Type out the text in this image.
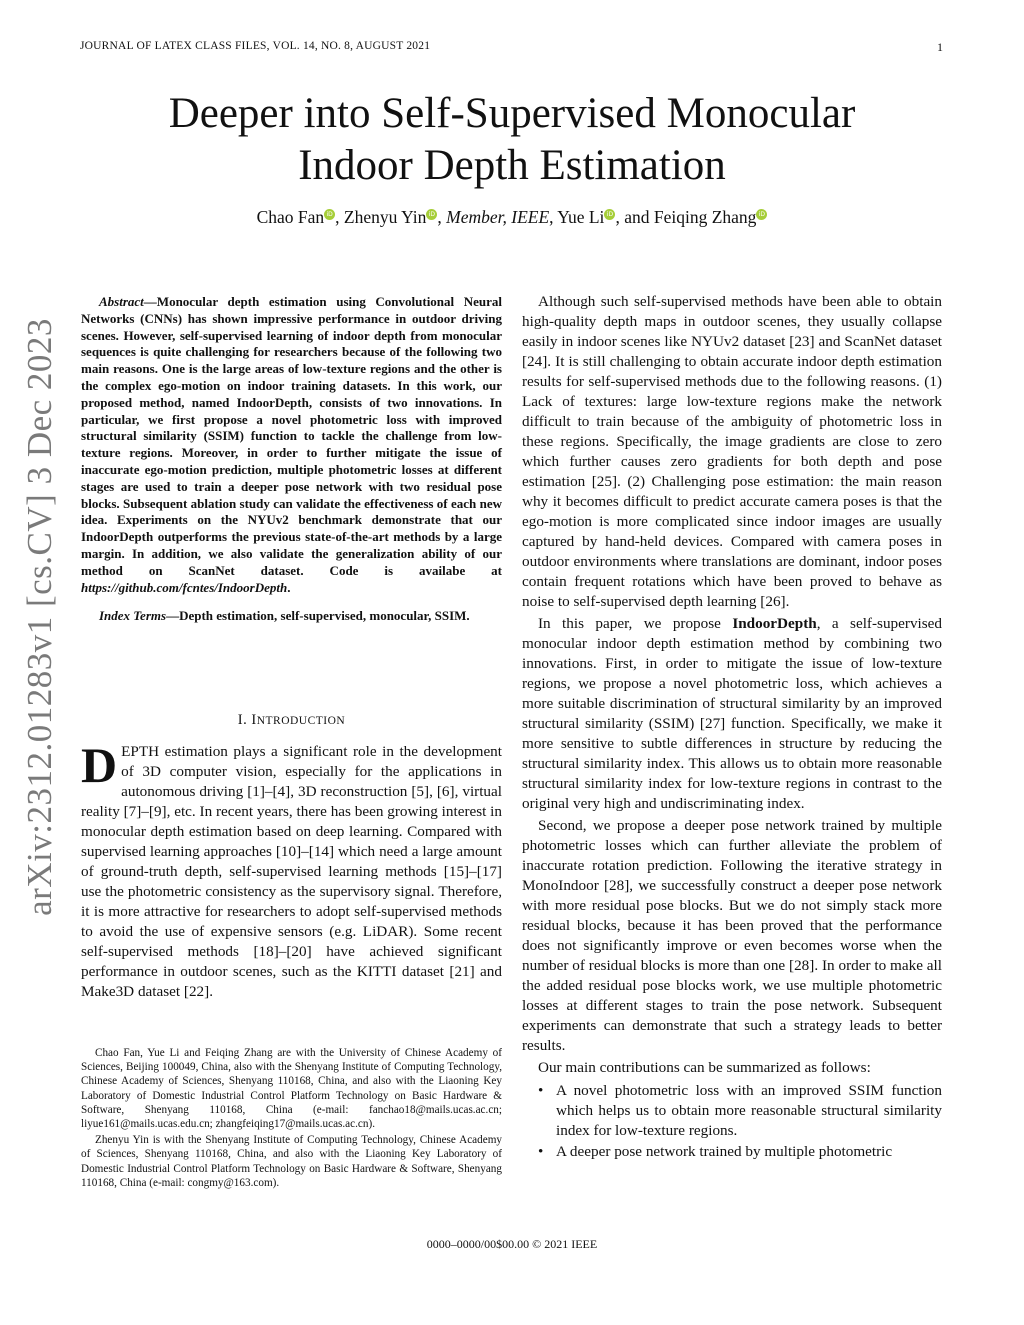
JOURNAL OF LATEX CLASS FILES, VOL. 14, NO. 8, AUGUST 2021	1
arXiv:2312.01283v1 [cs.CV] 3 Dec 2023
Deeper into Self-Supervised Monocular
Indoor Depth Estimation
Chao Fan iD , Zhenyu Yin iD , Member, IEEE, Yue Li iD , and Feiqing Zhang iD

Abstract—Monocular depth estimation using Convolutional Neural Networks (CNNs) has shown impressive performance in outdoor driving scenes. However, self-supervised learning of indoor depth from monocular sequences is quite challenging for researchers because of the following two main reasons. One is the large areas of low-texture regions and the other is the complex ego-motion on indoor training datasets. In this work, our proposed method, named IndoorDepth, consists of two innovations. In particular, we first propose a novel photometric loss with improved structural similarity (SSIM) function to tackle the challenge from low-texture regions. Moreover, in order to further mitigate the issue of inaccurate ego-motion prediction, multiple photometric losses at different stages are used to train a deeper pose network with two residual pose blocks. Subsequent ablation study can validate the effectiveness of each new idea. Experiments on the NYUv2 benchmark demonstrate that our IndoorDepth outperforms the previous state-of-the-art methods by a large margin. In addition, we also validate the generalization ability of our method on ScanNet dataset. Code is availabe at https://github.com/fcntes/IndoorDepth.

Index Terms—Depth estimation, self-supervised, monocular, SSIM.

I. INTRODUCTION

DEPTH estimation plays a significant role in the development of 3D computer vision, especially for the applications in autonomous driving [1]–[4], 3D reconstruction [5], [6], virtual reality [7]–[9], etc. In recent years, there has been growing interest in monocular depth estimation based on deep learning. Compared with supervised learning approaches [10]–[14] which need a large amount of ground-truth depth, self-supervised learning methods [15]–[17] use the photometric consistency as the supervisory signal. Therefore, it is more attractive for researchers to adopt self-supervised methods to avoid the use of expensive sensors (e.g. LiDAR). Some recent self-supervised methods [18]–[20] have achieved significant performance in outdoor scenes, such as the KITTI dataset [21] and Make3D dataset [22].

Chao Fan, Yue Li and Feiqing Zhang are with the University of Chinese Academy of Sciences, Beijing 100049, China, also with the Shenyang Institute of Computing Technology, Chinese Academy of Sciences, Shenyang 110168, China, and also with the Liaoning Key Laboratory of Domestic Industrial Control Platform Technology on Basic Hardware & Software, Shenyang 110168, China (e-mail: fanchao18@mails.ucas.ac.cn; liyue161@mails.ucas.edu.cn; zhangfeiqing17@mails.ucas.ac.cn).

Zhenyu Yin is with the Shenyang Institute of Computing Technology, Chinese Academy of Sciences, Shenyang 110168, China, and also with the Liaoning Key Laboratory of Domestic Industrial Control Platform Technology on Basic Hardware & Software, Shenyang 110168, China (e-mail: congmy@163.com).

Although such self-supervised methods have been able to obtain high-quality depth maps in outdoor scenes, they usually collapse easily in indoor scenes like NYUv2 dataset [23] and ScanNet dataset [24]. It is still challenging to obtain accurate indoor depth estimation results for self-supervised methods due to the following reasons. (1) Lack of textures: large low-texture regions make the network difficult to train because of the ambiguity of photometric loss in these regions. Specifically, the image gradients are close to zero which further causes zero gradients for both depth and pose estimation [25]. (2) Challenging pose estimation: the main reason why it becomes difficult to predict accurate camera poses is that the ego-motion is more complicated since indoor images are usually captured by hand-held devices. Compared with camera poses in outdoor environments where translations are dominant, indoor poses contain frequent rotations which have been proved to behave as noise to self-supervised depth learning [26].

In this paper, we propose IndoorDepth, a self-supervised monocular indoor depth estimation method by combining two innovations. First, in order to mitigate the issue of low-texture regions, we propose a novel photometric loss, which achieves a more suitable discrimination of structural similarity by an improved structural similarity (SSIM) [27] function. Specifically, we make it more sensitive to subtle differences in structure by reducing the structural similarity index. This allows us to obtain more reasonable structural similarity index for low-texture regions in contrast to the original very high and undiscriminating index.

Second, we propose a deeper pose network trained by multiple photometric losses which can further alleviate the problem of inaccurate rotation prediction. Following the iterative strategy in MonoIndoor [28], we successfully construct a deeper pose network with more residual pose blocks. But we do not simply stack more residual blocks, because it has been proved that the performance does not significantly improve or even becomes worse when the number of residual blocks is more than one [28]. In order to make all the added residual pose blocks work, we use multiple photometric losses at different stages to train the pose network. Subsequent experiments can demonstrate that such a strategy leads to better results.

Our main contributions can be summarized as follows:

• A novel photometric loss with an improved SSIM function which helps us to obtain more reasonable structural similarity index for low-texture regions.
• A deeper pose network trained by multiple photometric
0000–0000/00$00.00 © 2021 IEEE
